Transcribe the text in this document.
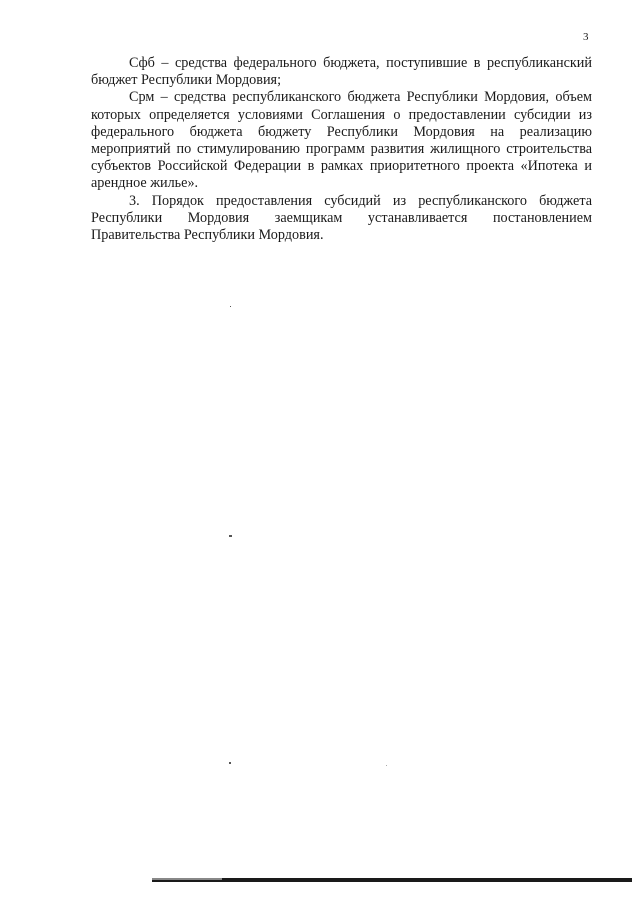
3

Сфб – средства федерального бюджета, поступившие в республиканский бюджет Республики Мордовия;

Срм – средства республиканского бюджета Республики Мордовия, объем которых определяется условиями Соглашения о предоставлении субсидии из федерального бюджета бюджету Республики Мордовия на реализацию мероприятий по стимулированию программ развития жилищного строительства субъектов Российской Федерации в рамках приоритетного проекта «Ипотека и арендное жилье».

3. Порядок предоставления субсидий из республиканского бюджета Республики Мордовия заемщикам устанавливается постановлением Правительства Республики Мордовия.
